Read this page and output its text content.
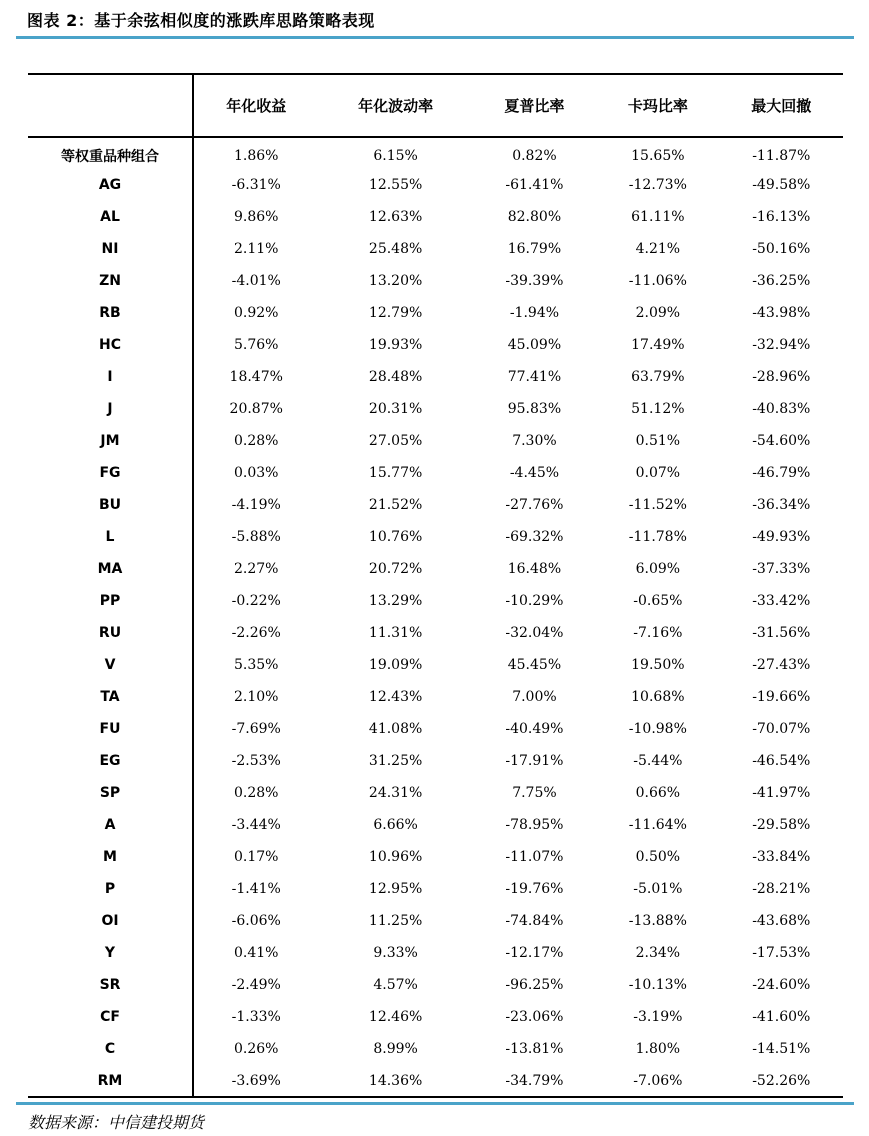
图表 2：基于余弦相似度的涨跌库思路策略表现
	年化收益	年化波动率	夏普比率	卡玛比率	最大回撤
等权重品种组合	1.86%	6.15%	0.82%	15.65%	-11.87%
AG	-6.31%	12.55%	-61.41%	-12.73%	-49.58%
AL	9.86%	12.63%	82.80%	61.11%	-16.13%
NI	2.11%	25.48%	16.79%	4.21%	-50.16%
ZN	-4.01%	13.20%	-39.39%	-11.06%	-36.25%
RB	0.92%	12.79%	-1.94%	2.09%	-43.98%
HC	5.76%	19.93%	45.09%	17.49%	-32.94%
I	18.47%	28.48%	77.41%	63.79%	-28.96%
J	20.87%	20.31%	95.83%	51.12%	-40.83%
JM	0.28%	27.05%	7.30%	0.51%	-54.60%
FG	0.03%	15.77%	-4.45%	0.07%	-46.79%
BU	-4.19%	21.52%	-27.76%	-11.52%	-36.34%
L	-5.88%	10.76%	-69.32%	-11.78%	-49.93%
MA	2.27%	20.72%	16.48%	6.09%	-37.33%
PP	-0.22%	13.29%	-10.29%	-0.65%	-33.42%
RU	-2.26%	11.31%	-32.04%	-7.16%	-31.56%
V	5.35%	19.09%	45.45%	19.50%	-27.43%
TA	2.10%	12.43%	7.00%	10.68%	-19.66%
FU	-7.69%	41.08%	-40.49%	-10.98%	-70.07%
EG	-2.53%	31.25%	-17.91%	-5.44%	-46.54%
SP	0.28%	24.31%	7.75%	0.66%	-41.97%
A	-3.44%	6.66%	-78.95%	-11.64%	-29.58%
M	0.17%	10.96%	-11.07%	0.50%	-33.84%
P	-1.41%	12.95%	-19.76%	-5.01%	-28.21%
OI	-6.06%	11.25%	-74.84%	-13.88%	-43.68%
Y	0.41%	9.33%	-12.17%	2.34%	-17.53%
SR	-2.49%	4.57%	-96.25%	-10.13%	-24.60%
CF	-1.33%	12.46%	-23.06%	-3.19%	-41.60%
C	0.26%	8.99%	-13.81%	1.80%	-14.51%
RM	-3.69%	14.36%	-34.79%	-7.06%	-52.26%
数据来源：中信建投期货
